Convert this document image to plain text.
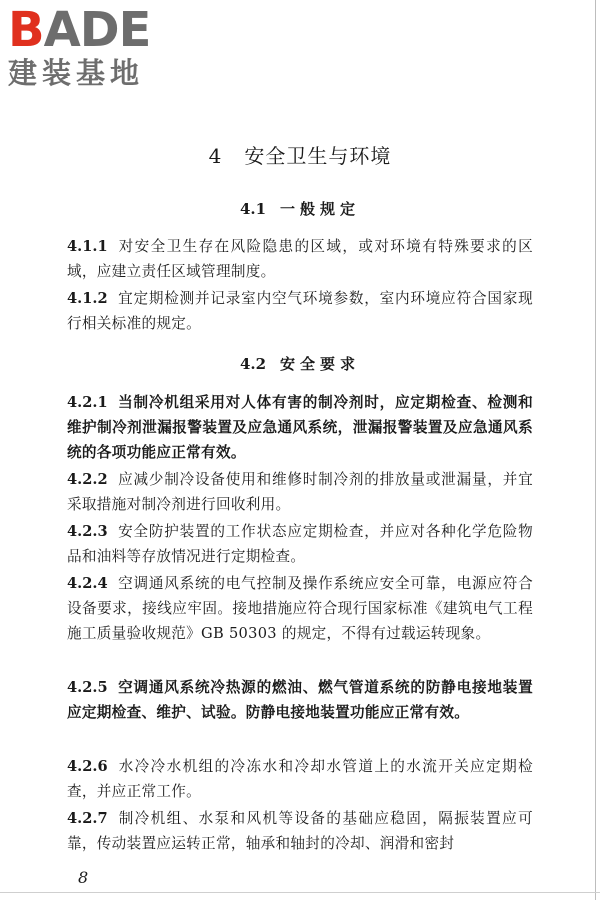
BADE
建装基地
4 安全卫生与环境
4.1 一般规定
4.1.1 对安全卫生存在风险隐患的区域，或对环境有特殊要求的区域，应建立责任区域管理制度。
4.1.2 宜定期检测并记录室内空气环境参数，室内环境应符合国家现行相关标准的规定。
4.2 安全要求
4.2.1 当制冷机组采用对人体有害的制冷剂时，应定期检查、检测和维护制冷剂泄漏报警装置及应急通风系统，泄漏报警装置及应急通风系统的各项功能应正常有效。
4.2.2 应减少制冷设备使用和维修时制冷剂的排放量或泄漏量，并宜采取措施对制冷剂进行回收利用。
4.2.3 安全防护装置的工作状态应定期检查，并应对各种化学危险物品和油料等存放情况进行定期检查。
4.2.4 空调通风系统的电气控制及操作系统应安全可靠，电源应符合设备要求，接线应牢固。接地措施应符合现行国家标准《建筑电气工程施工质量验收规范》GB 50303 的规定，不得有过载运转现象。
4.2.5 空调通风系统冷热源的燃油、燃气管道系统的防静电接地装置应定期检查、维护、试验。防静电接地装置功能应正常有效。
4.2.6 水冷冷水机组的冷冻水和冷却水管道上的水流开关应定期检查，并应正常工作。
4.2.7 制冷机组、水泵和风机等设备的基础应稳固，隔振装置应可靠，传动装置应运转正常，轴承和轴封的冷却、润滑和密封
8
